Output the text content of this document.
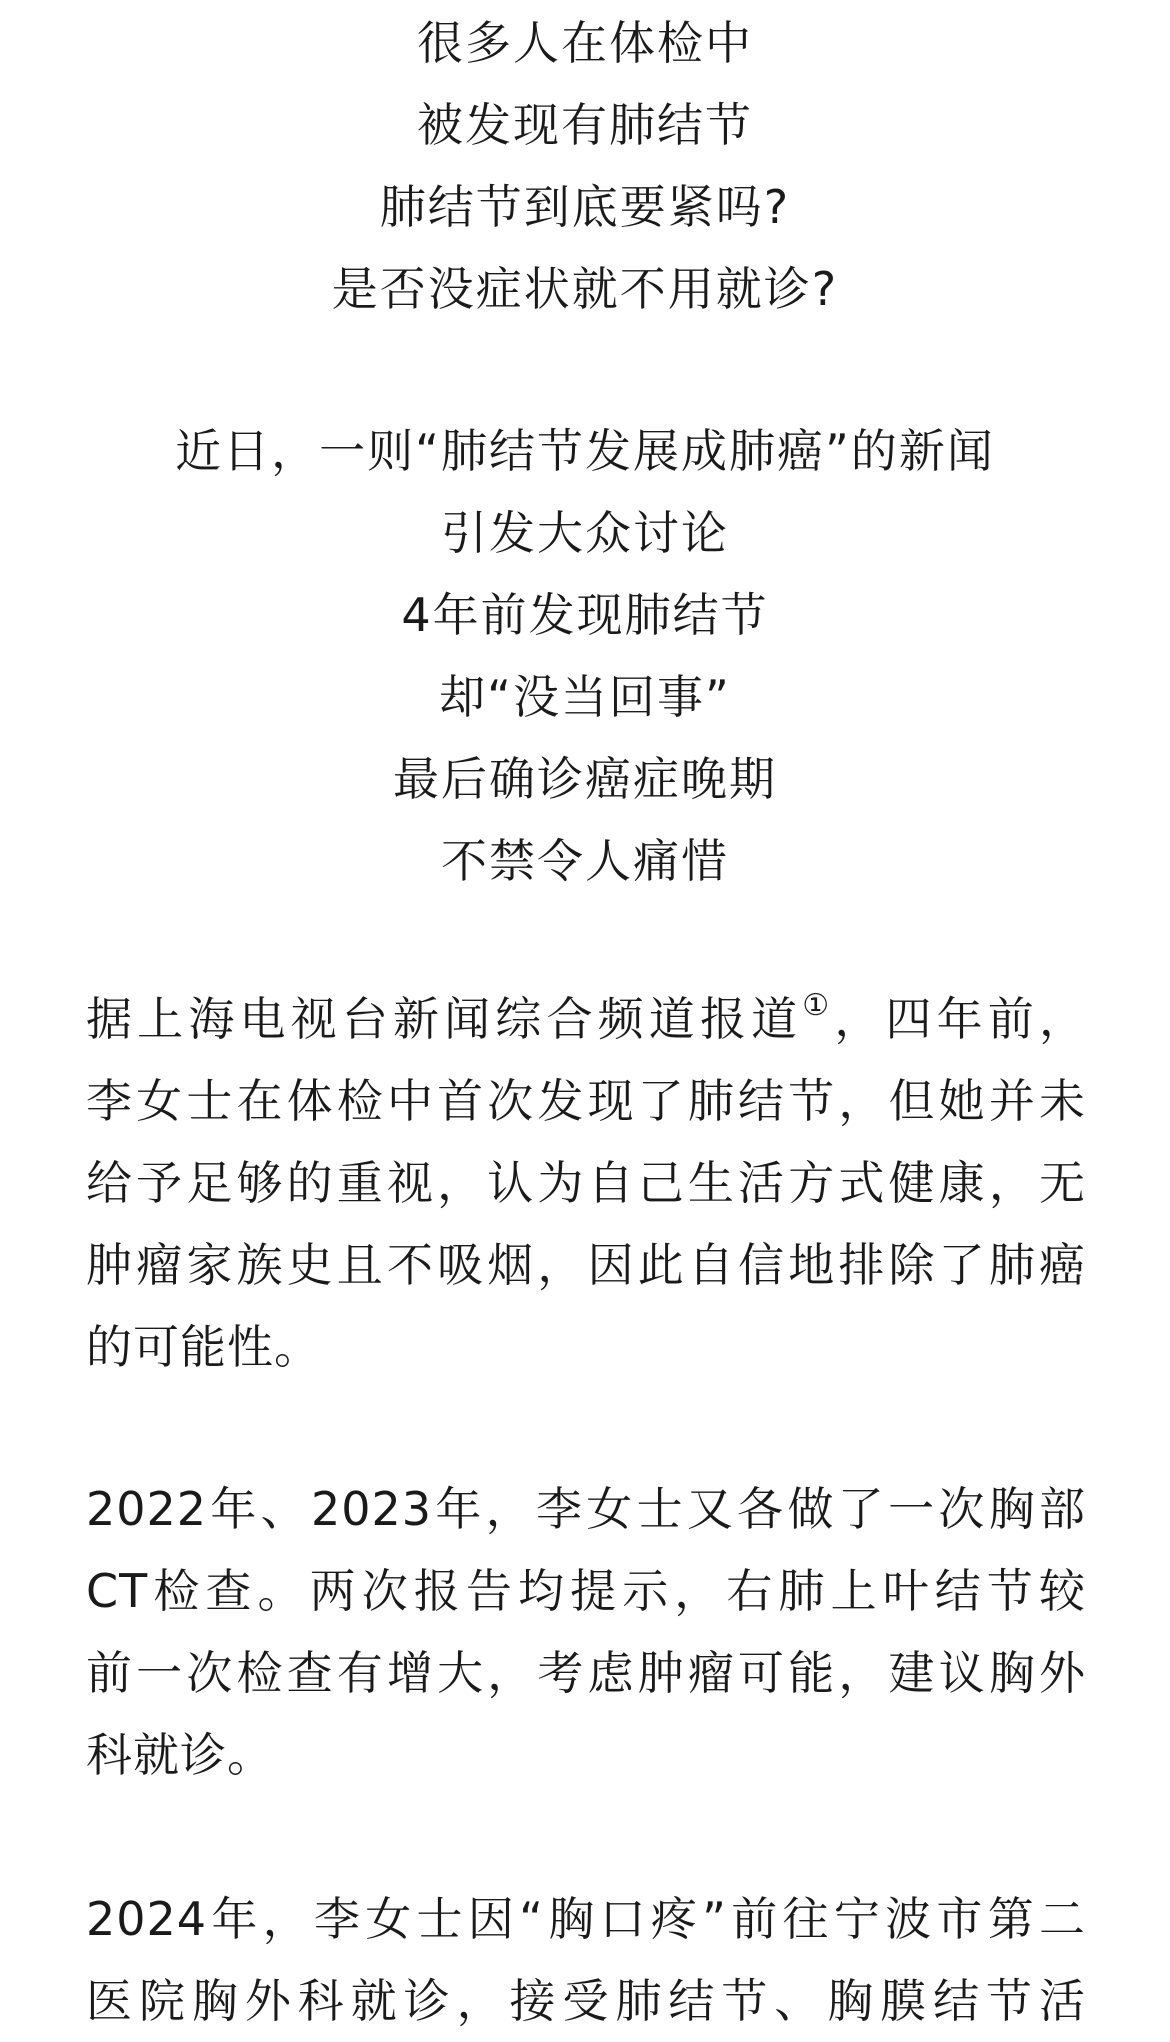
很多人在体检中
被发现有肺结节
肺结节到底要紧吗?
是否没症状就不用就诊?
近日，一则“肺结节发展成肺癌”的新闻
引发大众讨论
4年前发现肺结节
却“没当回事”
最后确诊癌症晚期
不禁令人痛惜
据上海电视台新闻综合频道报道①，四年前，
李女士在体检中首次发现了肺结节，但她并未
给予足够的重视，认为自己生活方式健康，无
肿瘤家族史且不吸烟，因此自信地排除了肺癌
的可能性。
2022年、2023年，李女士又各做了一次胸部
CT检查。两次报告均提示，右肺上叶结节较
前一次检查有增大，考虑肿瘤可能，建议胸外
科就诊。
2024年，李女士因“胸口疼”前往宁波市第二
医院胸外科就诊，接受肺结节、胸膜结节活
